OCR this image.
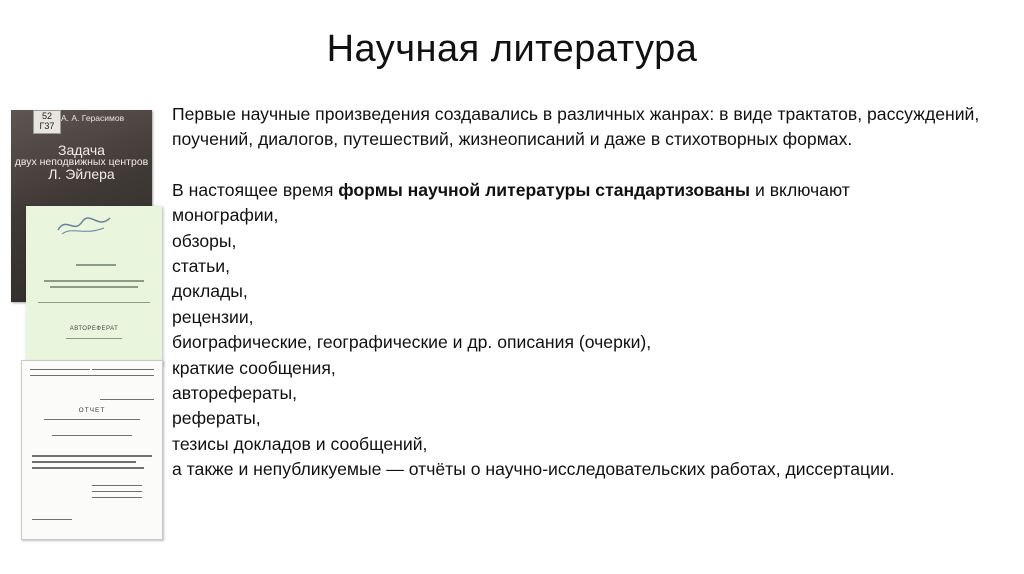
Научная литература
52 Г37
А. А. Герасимов
Задача
двух неподвижных центров
Л. Эйлера
АВТОРЕФЕРАТ
ОТЧЕТ

Первые научные произведения создавались в различных жанрах: в виде трактатов, рассуждений, поучений, диалогов, путешествий, жизнеописаний и даже в стихотворных формах.

В настоящее время формы научной литературы стандартизованы и включают

монографии,
обзоры,
статьи,
доклады,
рецензии,
биографические, географические и др. описания (очерки),
краткие сообщения,
авторефераты,
рефераты,
тезисы докладов и сообщений,

а также и непубликуемые — отчёты о научно-исследовательских работах, диссертации.
